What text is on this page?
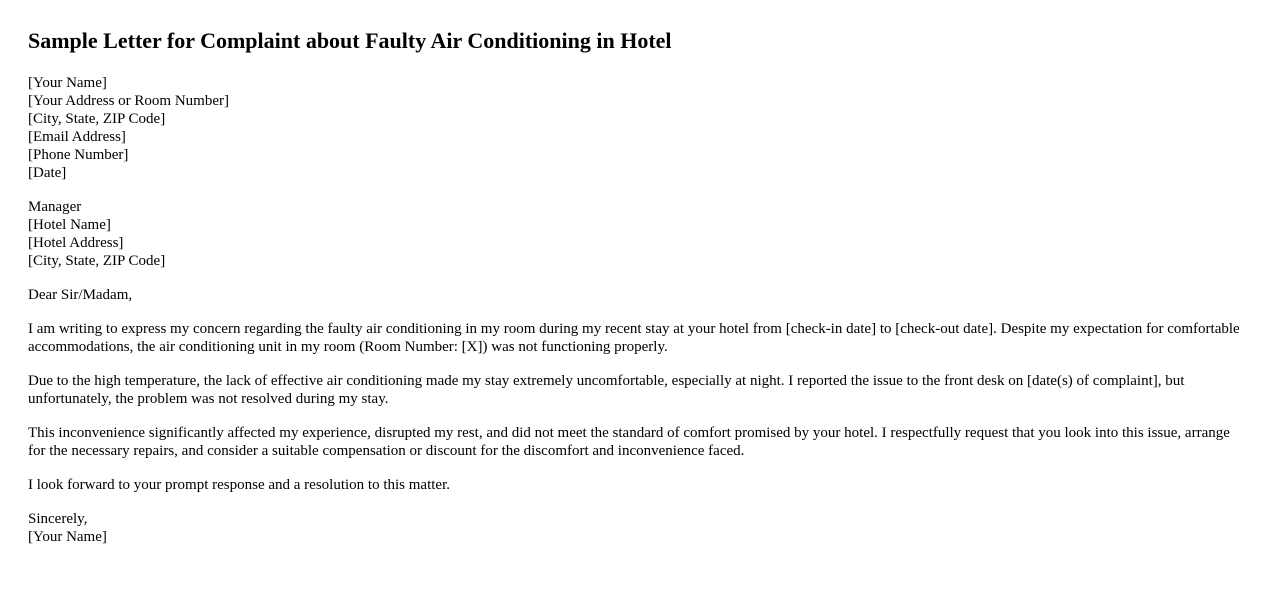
Sample Letter for Complaint about Faulty Air Conditioning in Hotel
[Your Name]
[Your Address or Room Number]
[City, State, ZIP Code]
[Email Address]
[Phone Number]
[Date]
Manager
[Hotel Name]
[Hotel Address]
[City, State, ZIP Code]

Dear Sir/Madam,

I am writing to express my concern regarding the faulty air conditioning in my room during my recent stay at your hotel from [check-in date] to [check-out date]. Despite my expectation for comfortable accommodations, the air conditioning unit in my room (Room Number: [X]) was not functioning properly.

Due to the high temperature, the lack of effective air conditioning made my stay extremely uncomfortable, especially at night. I reported the issue to the front desk on [date(s) of complaint], but unfortunately, the problem was not resolved during my stay.

This inconvenience significantly affected my experience, disrupted my rest, and did not meet the standard of comfort promised by your hotel. I respectfully request that you look into this issue, arrange for the necessary repairs, and consider a suitable compensation or discount for the discomfort and inconvenience faced.

I look forward to your prompt response and a resolution to this matter.

Sincerely,
[Your Name]
